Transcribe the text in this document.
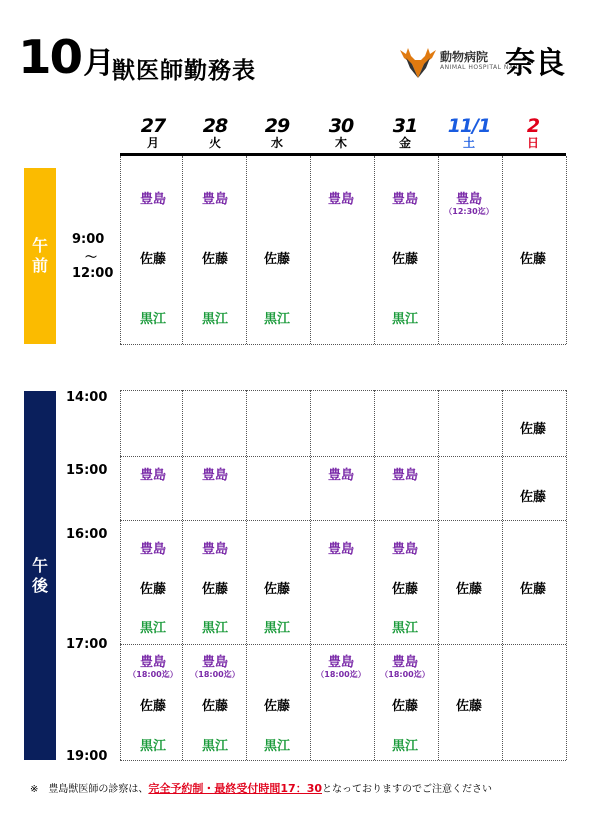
10月 獣医師勤務表
動物病院
ANIMAL HOSPITAL NARA
奈良
27
月
28
火
29
水
30
木
31
金
11/1
土
2
日
午
前
午
後
9:00
～
12:00
14:00
15:00
16:00
17:00
19:00
豊島
佐藤
黒江
豊島
豊島
佐藤
黒江
豊島
（18:00迄）
佐藤
黒江
豊島
佐藤
黒江
豊島
豊島
佐藤
黒江
豊島
（18:00迄）
佐藤
黒江
佐藤
黒江
佐藤
黒江
佐藤
黒江
豊島
豊島
豊島
豊島
（18:00迄）
豊島
佐藤
黒江
豊島
豊島
佐藤
黒江
豊島
（18:00迄）
佐藤
黒江
豊島
（12:30迄）
佐藤
佐藤
佐藤
佐藤
佐藤
佐藤
※　豊島獣医師の診察は、完全予約制・最終受付時間17：30となっておりますのでご注意ください
